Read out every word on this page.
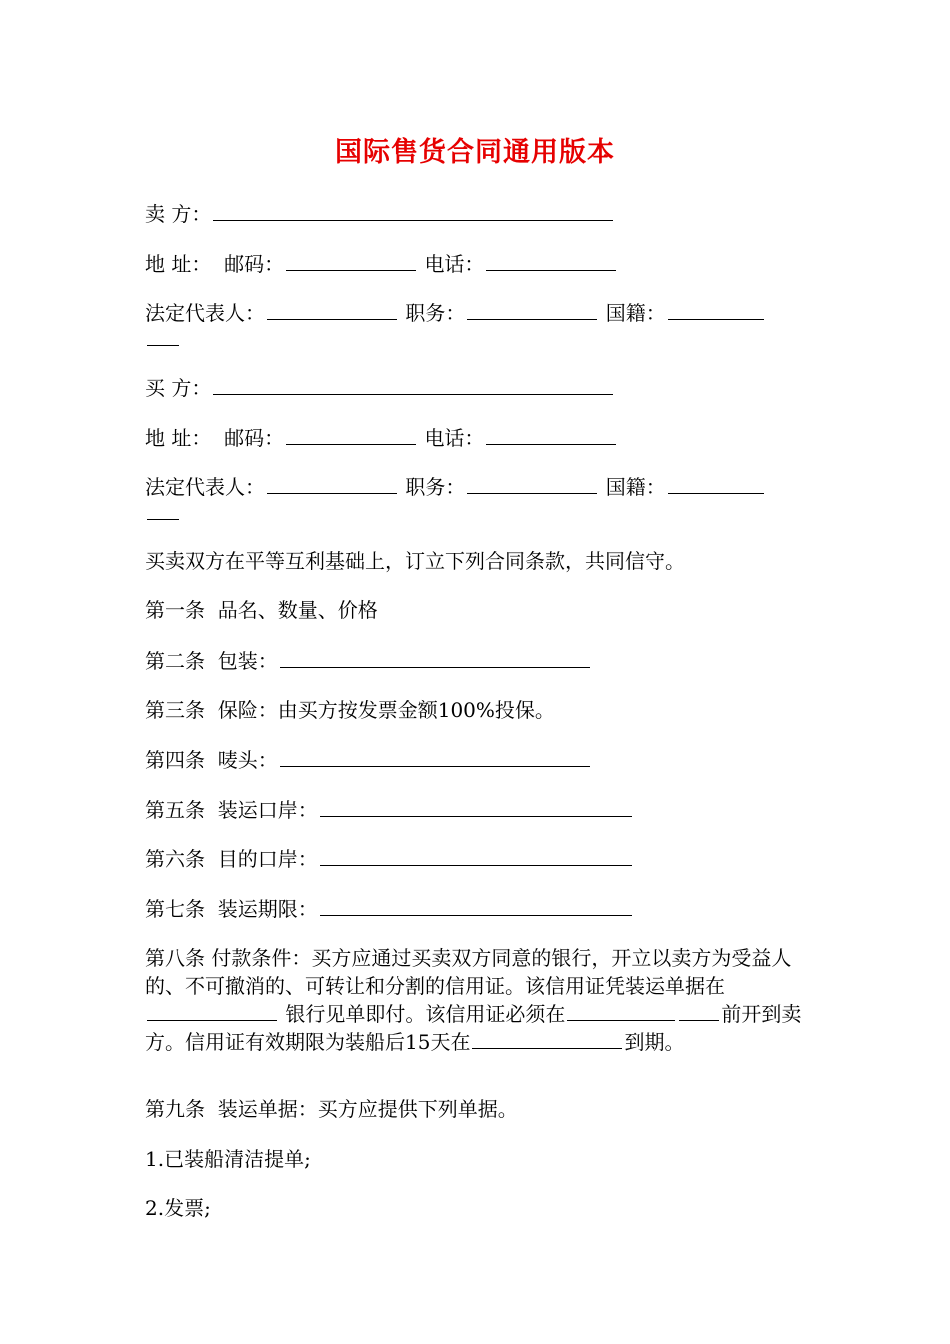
国际售货合同通用版本
卖 方：
地 址： 邮码：	电话：
法定代表人：	职务：	国籍：
买 方：
地 址： 邮码：	电话：
法定代表人：	职务：	国籍：
买卖双方在平等互利基础上，订立下列合同条款，共同信守。
第一条  品名、数量、价格
第二条  包装：
第三条  保险：由买方按发票金额100%投保。
第四条  唛头：
第五条  装运口岸：
第六条  目的口岸：
第七条  装运期限：
第八条 付款条件：买方应通过买卖双方同意的银行，开立以卖方为受益人的、不可撤消的、可转让和分割的信用证。该信用证凭装运单据在 银行见单即付。该信用证必须在	前开到卖方。信用证有效期限为装船后15天在	到期。
第九条  装运单据：买方应提供下列单据。
1.已装船清洁提单;
2.发票;
